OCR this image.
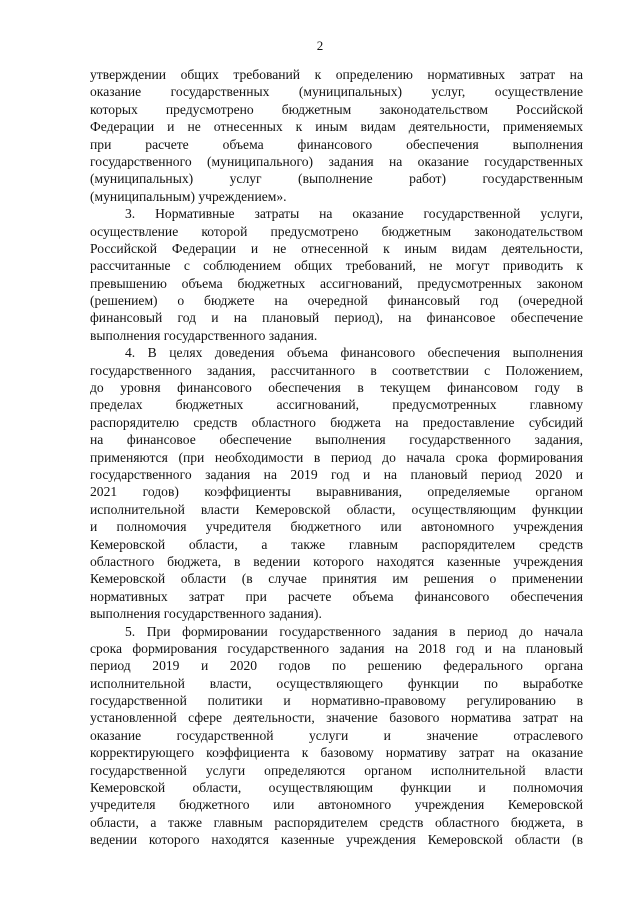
2
утверждении общих требований к определению нормативных затрат на
оказание государственных (муниципальных) услуг, осуществление
которых предусмотрено бюджетным законодательством Российской
Федерации и не отнесенных к иным видам деятельности, применяемых
при расчете объема финансового обеспечения выполнения
государственного (муниципального) задания на оказание государственных
(муниципальных) услуг (выполнение работ) государственным
(муниципальным) учреждением».
3. Нормативные затраты на оказание государственной услуги,
осуществление которой предусмотрено бюджетным законодательством
Российской Федерации и не отнесенной к иным видам деятельности,
рассчитанные с соблюдением общих требований, не могут приводить к
превышению объема бюджетных ассигнований, предусмотренных законом
(решением) о бюджете на очередной финансовый год (очередной
финансовый год и на плановый период), на финансовое обеспечение
выполнения государственного задания.
4. В целях доведения объема финансового обеспечения выполнения
государственного задания, рассчитанного в соответствии с Положением,
до уровня финансового обеспечения в текущем финансовом году в
пределах бюджетных ассигнований, предусмотренных главному
распорядителю средств областного бюджета на предоставление субсидий
на финансовое обеспечение выполнения государственного задания,
применяются (при необходимости в период до начала срока формирования
государственного задания на 2019 год и на плановый период 2020 и
2021 годов) коэффициенты выравнивания, определяемые органом
исполнительной власти Кемеровской области, осуществляющим функции
и полномочия учредителя бюджетного или автономного учреждения
Кемеровской области, а также главным распорядителем средств
областного бюджета, в ведении которого находятся казенные учреждения
Кемеровской области (в случае принятия им решения о применении
нормативных затрат при расчете объема финансового обеспечения
выполнения государственного задания).
5. При формировании государственного задания в период до начала
срока формирования государственного задания на 2018 год и на плановый
период 2019 и 2020 годов по решению федерального органа
исполнительной власти, осуществляющего функции по выработке
государственной политики и нормативно-правовому регулированию в
установленной сфере деятельности, значение базового норматива затрат на
оказание государственной услуги и значение отраслевого
корректирующего коэффициента к базовому нормативу затрат на оказание
государственной услуги определяются органом исполнительной власти
Кемеровской области, осуществляющим функции и полномочия
учредителя бюджетного или автономного учреждения Кемеровской
области, а также главным распорядителем средств областного бюджета, в
ведении которого находятся казенные учреждения Кемеровской области (в
